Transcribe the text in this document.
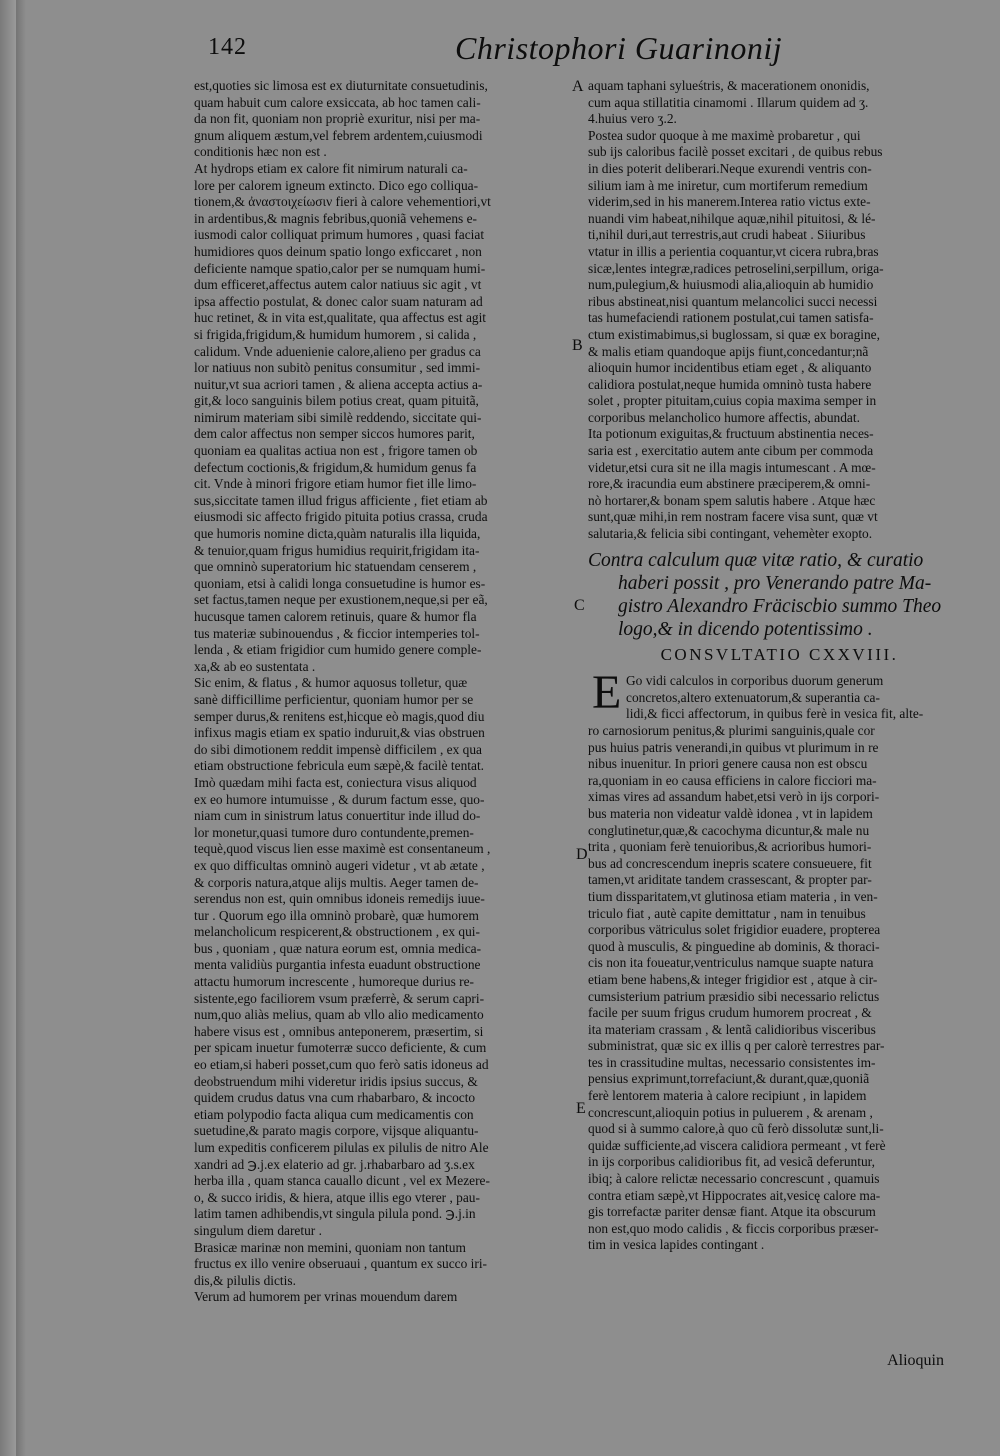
142	Christophori Guarinonij
A
B
C
D
E

est,quoties sic limosa est ex diuturnitate consuetudinis,

quam habuit cum calore exsiccata, ab hoc tamen cali-

da non fit, quoniam non propriè exuritur, nisi per ma-

gnum aliquem æstum,vel febrem ardentem,cuiusmodi

conditionis hæc non est .

At hydrops etiam ex calore fit nimirum naturali ca-

lore per calorem igneum extincto. Dico ego colliqua-

tionem,& ἀναστοιχείωσιν fieri à calore vehementiori,vt

in ardentibus,& magnis febribus,quoniã vehemens e-

iusmodi calor colliquat primum humores , quasi faciat

humidiores quos deinum spatio longo exficcaret , non

deficiente namque spatio,calor per se numquam humi-

dum efficeret,affectus autem calor natiuus sic agit , vt

ipsa affectio postulat, & donec calor suam naturam ad

huc retinet, & in vita est,qualitate, qua affectus est agit

si frigida,frigidum,& humidum humorem , si calida ,

calidum. Vnde aduenienie calore,alieno per gradus ca

lor natiuus non subitò penitus consumitur , sed immi-

nuitur,vt sua acriori tamen , & aliena accepta actius a-

git,& loco sanguinis bilem potius creat, quam pituitã,

nimirum materiam sibi similè reddendo, siccitate qui-

dem calor affectus non semper siccos humores parit,

quoniam ea qualitas actiua non est , frigore tamen ob

defectum coctionis,& frigidum,& humidum genus fa

cit. Vnde à minori frigore etiam humor fiet ille limo-

sus,siccitate tamen illud frigus afficiente , fiet etiam ab

eiusmodi sic affecto frigido pituita potius crassa, cruda

que humoris nomine dicta,quàm naturalis illa liquida,

& tenuior,quam frigus humidius requirit,frigidam ita-

que omninò superatorium hic statuendam censerem ,

quoniam, etsi à calidi longa consuetudine is humor es-

set factus,tamen neque per exustionem,neque,si per eã,

hucusque tamen calorem retinuis, quare & humor fla

tus materiæ subinouendus , & ficcior intemperies tol-

lenda , & etiam frigidior cum humido genere comple-

xa,& ab eo sustentata .

Sic enim, & flatus , & humor aquosus tolletur, quæ

sanè difficillime perficientur, quoniam humor per se

semper durus,& renitens est,hicque eò magis,quod diu

infixus magis etiam ex spatio induruit,& vias obstruen

do sibi dimotionem reddit impensè difficilem , ex qua

etiam obstructione febricula eum sæpè,& facilè tentat.

Imò quædam mihi facta est, coniectura visus aliquod

ex eo humore intumuisse , & durum factum esse, quo-

niam cum in sinistrum latus conuertitur inde illud do-

lor monetur,quasi tumore duro contundente,premen-

tequè,quod viscus lien esse maximè est consentaneum ,

ex quo difficultas omninò augeri videtur , vt ab ætate ,

& corporis natura,atque alijs multis. Aeger tamen de-

serendus non est, quin omnibus idoneis remedijs iuue-

tur . Quorum ego illa omninò probarè, quæ humorem

melancholicum respicerent,& obstructionem , ex qui-

bus , quoniam , quæ natura eorum est, omnia medica-

menta validiùs purgantia infesta euadunt obstructione

attactu humorum increscente , humoreque durius re-

sistente,ego faciliorem vsum præferrè, & serum capri-

num,quo aliàs melius, quam ab vllo alio medicamento

habere visus est , omnibus anteponerem, præsertim, si

per spicam inuetur fumoterræ succo deficiente, & cum

eo etiam,si haberi posset,cum quo ferò satis idoneus ad

deobstruendum mihi videretur iridis ipsius succus, &

quidem crudus datus vna cum rhabarbaro, & incocto

etiam polypodio facta aliqua cum medicamentis con

suetudine,& parato magis corpore, vijsque aliquantu-

lum expeditis conficerem pilulas ex pilulis de nitro Ale

xandri ad ℈.j.ex elaterio ad gr. j.rhabarbaro ad ʒ.s.ex

herba illa , quam stanca cauallo dicunt , vel ex Mezere-

o, & succo iridis, & hiera, atque illis ego vterer , pau-

latim tamen adhibendis,vt singula pilula pond. ℈.j.in

singulum diem daretur .

Brasicæ marinæ non memini, quoniam non tantum

fructus ex illo venire obseruaui , quantum ex succo iri-

dis,& pilulis dictis.

Verum ad humorem per vrinas mouendum darem

aquam taphani sylueśtris, & macerationem ononidis,

cum aqua stillatitia cinamomi . Illarum quidem ad ʒ.

4.huius vero ʒ.2.

Postea sudor quoque à me maximè probaretur , qui

sub ijs caloribus facilè posset excitari , de quibus rebus

in dies poterit deliberari.Neque exurendi ventris con-

silium iam à me iniretur, cum mortiferum remedium

viderim,sed in his manerem.Interea ratio victus exte-

nuandi vim habeat,nihilque aquæ,nihil pituitosi, & lé-

ti,nihil duri,aut terrestris,aut crudi habeat . Siiuribus

vtatur in illis a perientia coquantur,vt cicera rubra,bras

sicæ,lentes integræ,radices petroselini,serpillum, origa-

num,pulegium,& huiusmodi alia,alioquin ab humidio

ribus abstineat,nisi quantum melancolici succi necessi

tas humefaciendi rationem postulat,cui tamen satisfa-

ctum existimabimus,si buglossam, si quæ ex boragine,

& malis etiam quandoque apijs fiunt,concedantur;nã

alioquin humor incidentibus etiam eget , & aliquanto

calidiora postulat,neque humida omninò tusta habere

solet , propter pituitam,cuius copia maxima semper in

corporibus melancholico humore affectis, abundat.

Ita potionum exiguitas,& fructuum abstinentia neces-

saria est , exercitatio autem ante cibum per commoda

videtur,etsi cura sit ne illa magis intumescant . A mœ-

rore,& iracundia eum abstinere præciperem,& omni-

nò hortarer,& bonam spem salutis habere . Atque hæc

sunt,quæ mihi,in rem nostram facere visa sunt, quæ vt

salutaria,& felicia sibi contingant, vehemèter exopto.

Contra calculum quæ vitæ ratio, & curatio

haberi possit , pro Venerando patre Ma-

gistro Alexandro Fräciscbio summo Theo

logo,& in dicendo potentissimo .

CONSVLTATIO CXXVIII.
E Go vidi calculos in corporibus duorum generum

concretos,altero extenuatorum,& superantia ca-

lidi,& ficci affectorum, in quibus ferè in vesica fit, alte-

ro carnosiorum penitus,& plurimi sanguinis,quale cor

pus huius patris venerandi,in quibus vt plurimum in re

nibus inuenitur. In priori genere causa non est obscu

ra,quoniam in eo causa efficiens in calore ficciori ma-

ximas vires ad assandum habet,etsi verò in ijs corpori-

bus materia non videatur valdè idonea , vt in lapidem

conglutinetur,quæ,& cacochyma dicuntur,& male nu

trita , quoniam ferè tenuioribus,& acrioribus humori-

bus ad concrescendum inepris scatere consueuere, fit

tamen,vt ariditate tandem crassescant, & propter par-

tium dissparitatem,vt glutinosa etiam materia , in ven-

triculo fiat , autè capite demittatur , nam in tenuibus

corporibus vätriculus solet frigidior euadere, propterea

quod à musculis, & pinguedine ab dominis, & thoraci-

cis non ita foueatur,ventriculus namque suapte natura

etiam bene habens,& integer frigidior est , atque à cir-

cumsisterium patrium præsidio sibi necessario relictus

facile per suum frigus crudum humorem procreat , &

ita materiam crassam , & lentã calidioribus visceribus

subministrat, quæ sic ex illis q per calorè terrestres par-

tes in crassitudine multas, necessario consistentes im-

pensius exprimunt,torrefaciunt,& durant,quæ,quoniã

ferè lentorem materia à calore recipiunt , in lapidem

concrescunt,alioquin potius in puluerem , & arenam ,

quod si à summo calore,à quo cũ ferò dissolutæ sunt,li-

quidæ sufficiente,ad viscera calidiora permeant , vt ferè

in ijs corporibus calidioribus fit, ad vesicã deferuntur,

ibiq; à calore relictæ necessario concrescunt , quamuis

contra etiam sæpè,vt Hippocrates ait,vesicę calore ma-

gis torrefactæ pariter densæ fiant. Atque ita obscurum

non est,quo modo calidis , & ficcis corporibus præser-

tim in vesica lapides contingant .

Alioquin
